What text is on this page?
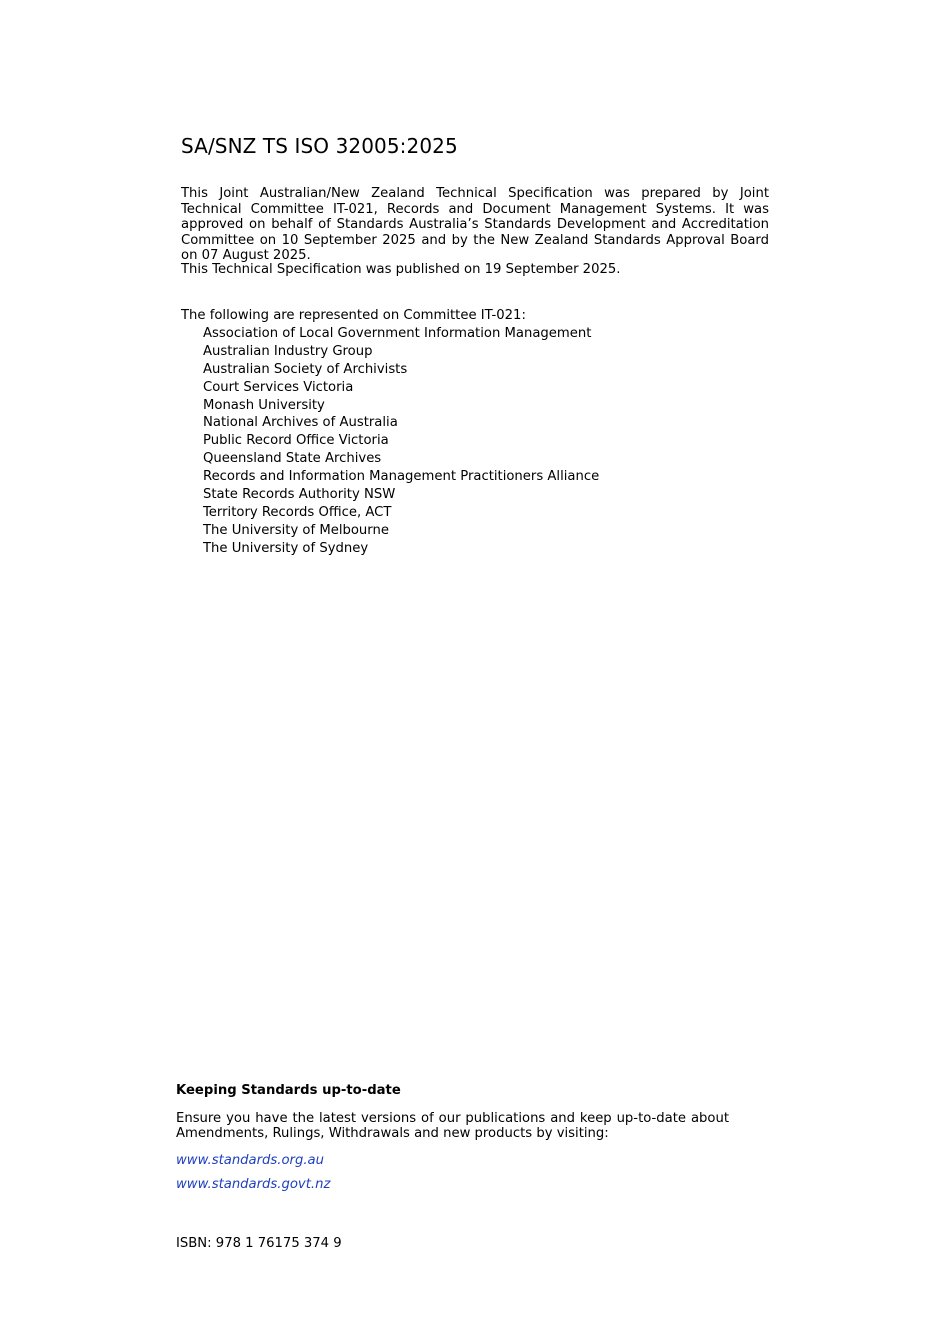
SA/SNZ TS ISO 32005:2025

This Joint Australian/New Zealand Technical Specification was prepared by Joint Technical Committee IT-021, Records and Document Management Systems. It was approved on behalf of Standards Australia’s Standards Development and Accreditation Committee on 10 September 2025 and by the New Zealand Standards Approval Board on 07 August 2025.

This Technical Specification was published on 19 September 2025.

The following are represented on Committee IT-021:

Association of Local Government Information Management
Australian Industry Group
Australian Society of Archivists
Court Services Victoria
Monash University
National Archives of Australia
Public Record Office Victoria
Queensland State Archives
Records and Information Management Practitioners Alliance
State Records Authority NSW
Territory Records Office, ACT
The University of Melbourne
The University of Sydney

Keeping Standards up-to-date

Ensure you have the latest versions of our publications and keep up-to-date about Amendments, Rulings, Withdrawals and new products by visiting:

www.standards.org.au
www.standards.govt.nz

ISBN: 978 1 76175 374 9
